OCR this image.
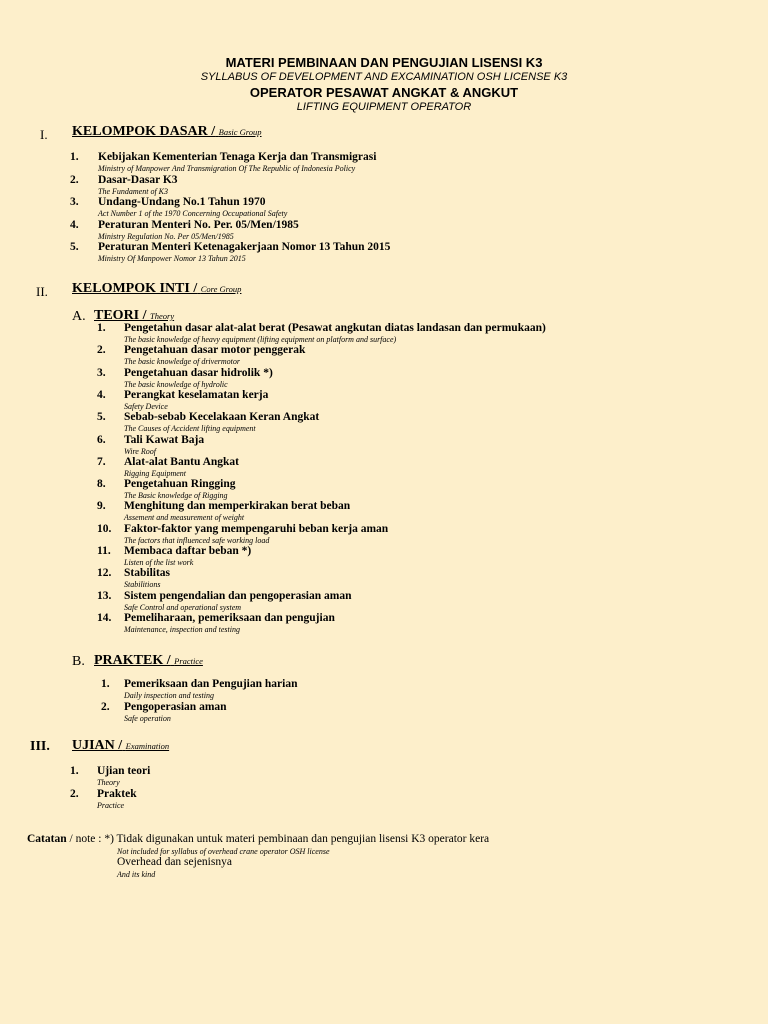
MATERI PEMBINAAN DAN PENGUJIAN LISENSI K3
SYLLABUS OF DEVELOPMENT AND EXCAMINATION OSH LICENSE K3
OPERATOR PESAWAT ANGKAT & ANGKUT
LIFTING EQUIPMENT OPERATOR
I. KELOMPOK DASAR / Basic Group
1. Kebijakan Kementerian Tenaga Kerja dan Transmigrasi
Ministry of Manpower And Transmigration Of The Republic of Indonesia Policy
2. Dasar-Dasar K3
The Fundament of K3
3. Undang-Undang No.1 Tahun 1970
Act Number 1 of the 1970 Concerning Occupational Safety
4. Peraturan Menteri No. Per. 05/Men/1985
Ministry Regulation No. Per 05/Men/1985
5. Peraturan Menteri Ketenagakerjaan Nomor 13 Tahun 2015
Ministry Of Manpower Nomor 13 Tahun 2015
II. KELOMPOK INTI / Core Group
A. TEORI / Theory
1. Pengetahun dasar alat-alat berat (Pesawat angkutan diatas landasan dan permukaan)
The basic knowledge of heavy equipment (lifting equipment on platform and surface)
2. Pengetahuan dasar motor penggerak
The basic knowledge of drivermotor
3. Pengetahuan dasar hidrolik *)
The basic knowledge of hydrolic
4. Perangkat keselamatan kerja
Safety Device
5. Sebab-sebab Kecelakaan Keran Angkat
The Causes of Accident lifting equipment
6. Tali Kawat Baja
Wire Roof
7. Alat-alat Bantu Angkat
Rigging Equipment
8. Pengetahuan Ringging
The Basic knowledge of Rigging
9. Menghitung dan memperkirakan berat beban
Assement and measurement of weight
10. Faktor-faktor yang mempengaruhi beban kerja aman
The factors that influenced safe working load
11. Membaca daftar beban *)
Listen of the list work
12. Stabilitas
Stabilitions
13. Sistem pengendalian dan pengoperasian aman
Safe Control and operational system
14. Pemeliharaan, pemeriksaan dan pengujian
Maintenance, inspection and testing
B. PRAKTEK / Practice
1. Pemeriksaan dan Pengujian harian
Daily inspection and testing
2. Pengoperasian aman
Safe operation
III. UJIAN / Examination
1. Ujian teori
Theory
2. Praktek
Practice
Catatan / note : *) Tidak digunakan untuk materi pembinaan dan pengujian lisensi K3 operator kera
Not included for syllabus of overhead crane operator OSH license
Overhead dan sejenisnya
And its kind
